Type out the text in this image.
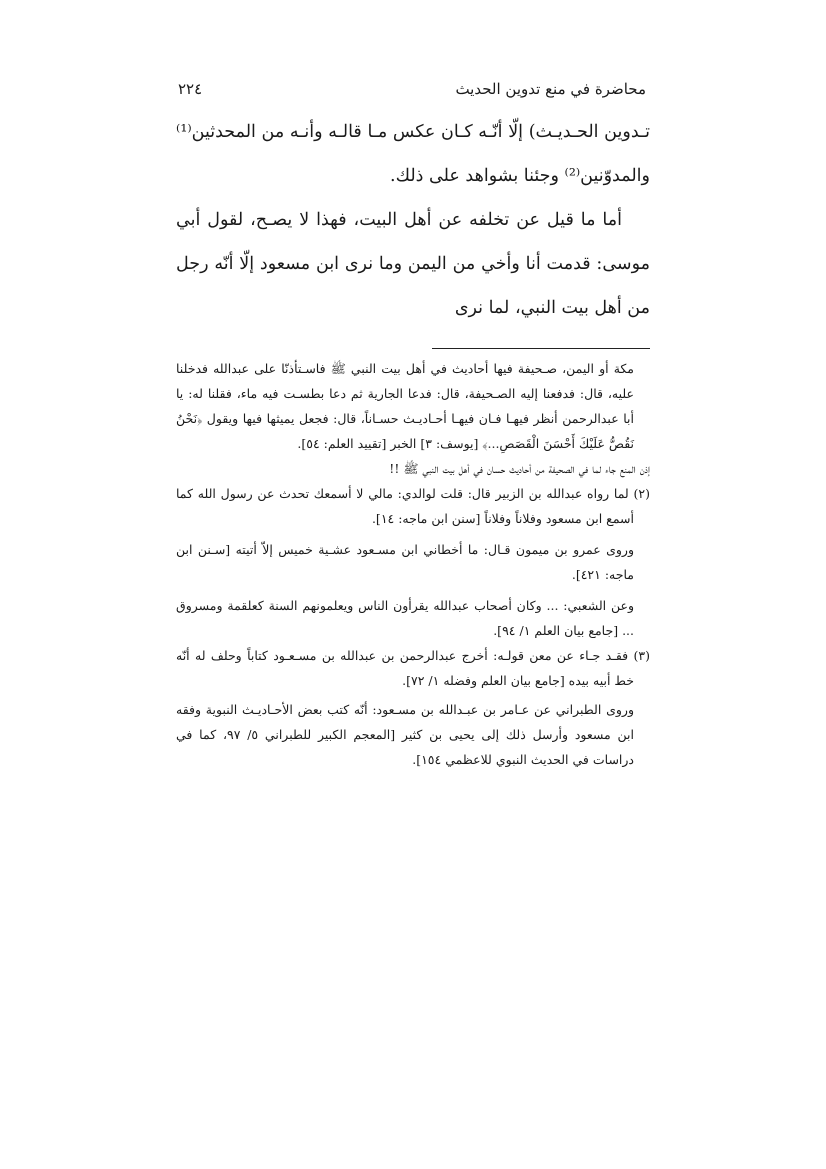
محاضرة في منع تدوين الحديث
٢٢٤

تـدوين الحـديـث) إلّا أنّـه كـان عكس مـا قالـه وأنـه من المحدثين⁽¹⁾ والمدوّنين⁽²⁾ وجئنا بشواهد على ذلك.

أما ما قيل عن تخلفه عن أهل البيت، فهذا لا يصـح، لقول أبي موسى: قدمت أنا وأخي من اليمن وما نرى ابن مسعود إلّا أنّه رجل من أهل بيت النبي، لما نرى

مكة أو اليمن، صـحيفة فيها أحاديث في أهل بيت النبي ﷺ فاسـتأذنّا على عبدالله فدخلنا عليه، قال: فدفعنا إليه الصـحيفة، قال: فدعا الجارية ثم دعا بطسـت فيه ماء، فقلنا له: يا أبا عبدالرحمن أنظر فيهـا فـان فيهـا أحـاديـث حسـاناً، قال: فجعل يميثها فيها ويقول ﴿نَحْنُ نَقُصُّ عَلَيْكَ أَحْسَنَ الْقَصَصِ...﴾ [يوسف: ٣] الخبر [تقييد العلم: ٥٤].

إذن المنع جاء لما في الصحيفة من أحاديث حسان في أهل بيت النبي ﷺ !!

(٢) لما رواه عبدالله بن الزبير قال: قلت لوالدي: مالي لا أسمعك تحدث عن رسول الله كما أسمع ابن مسعود وفلاناً وفلاناً [سنن ابن ماجه: ١٤].

وروى عمرو بن ميمون قـال: ما أخطاني ابن مسـعود عشـية خميس إلاّ أتيته [سـنن ابن ماجه: ٤٢١].

وعن الشعبي: ... وكان أصحاب عبدالله يقرأون الناس ويعلمونهم السنة كعلقمة ومسروق ... [جامع بيان العلم ١/ ٩٤].

(٣) فقـد جـاء عن معن قولـه: أخرج عبدالرحمن بن عبدالله بن مسـعـود كتاباً وحلف له أنّه خط أبيه بيده [جامع بيان العلم وفضله ١/ ٧٢].

وروى الطبراني عن عـامر بن عبـدالله بن مسـعود: أنّه كتب بعض الأحـاديـث النبوية وفقه ابن مسعود وأرسل ذلك إلى يحيى بن كثير [المعجم الكبير للطبراني ٥/ ٩٧، كما في دراسات في الحديث النبوي للاعظمي ١٥٤].
